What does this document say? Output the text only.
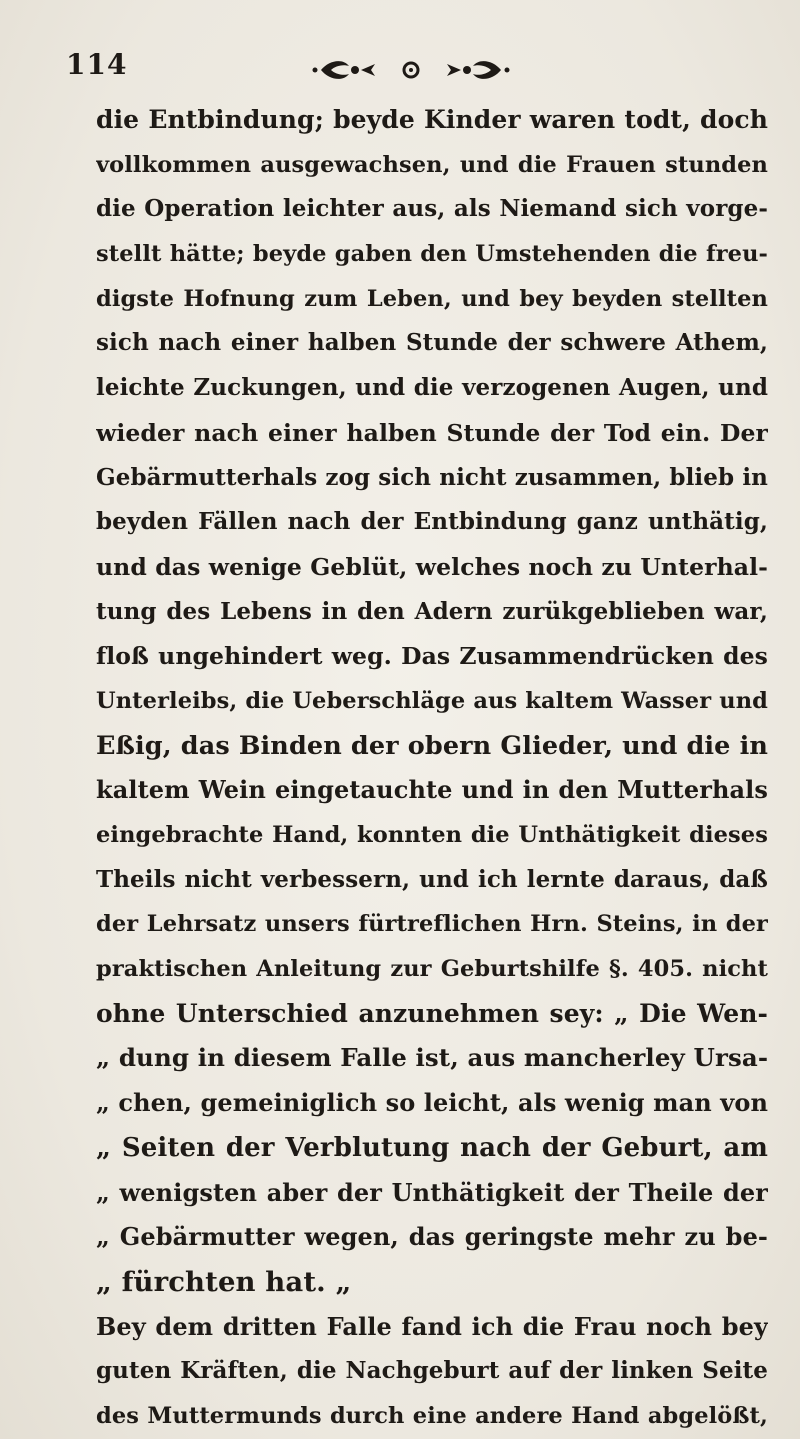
114
die Entbindung; beyde Kinder waren todt, doch
vollkommen ausgewachsen, und die Frauen stunden
die Operation leichter aus, als Niemand sich vorge-
stellt hätte; beyde gaben den Umstehenden die freu-
digste Hofnung zum Leben, und bey beyden stellten
sich nach einer halben Stunde der schwere Athem,
leichte Zuckungen, und die verzogenen Augen, und
wieder nach einer halben Stunde der Tod ein. Der
Gebärmutterhals zog sich nicht zusammen, blieb in
beyden Fällen nach der Entbindung ganz unthätig,
und das wenige Geblüt, welches noch zu Unterhal-
tung des Lebens in den Adern zurükgeblieben war,
floß ungehindert weg. Das Zusammendrücken des
Unterleibs, die Ueberschläge aus kaltem Wasser und
Eßig, das Binden der obern Glieder, und die in
kaltem Wein eingetauchte und in den Mutterhals
eingebrachte Hand, konnten die Unthätigkeit dieses
Theils nicht verbessern, und ich lernte daraus, daß
der Lehrsatz unsers fürtreflichen Hrn. Steins, in der
praktischen Anleitung zur Geburtshilfe §. 405. nicht
ohne Unterschied anzunehmen sey: „ Die Wen-
„ dung in diesem Falle ist, aus mancherley Ursa-
„ chen, gemeiniglich so leicht, als wenig man von
„ Seiten der Verblutung nach der Geburt, am
„ wenigsten aber der Unthätigkeit der Theile der
„ Gebärmutter wegen, das geringste mehr zu be-
„ fürchten hat. „
Bey dem dritten Falle fand ich die Frau noch bey
guten Kräften, die Nachgeburt auf der linken Seite
des Muttermunds durch eine andere Hand abgelößt,
